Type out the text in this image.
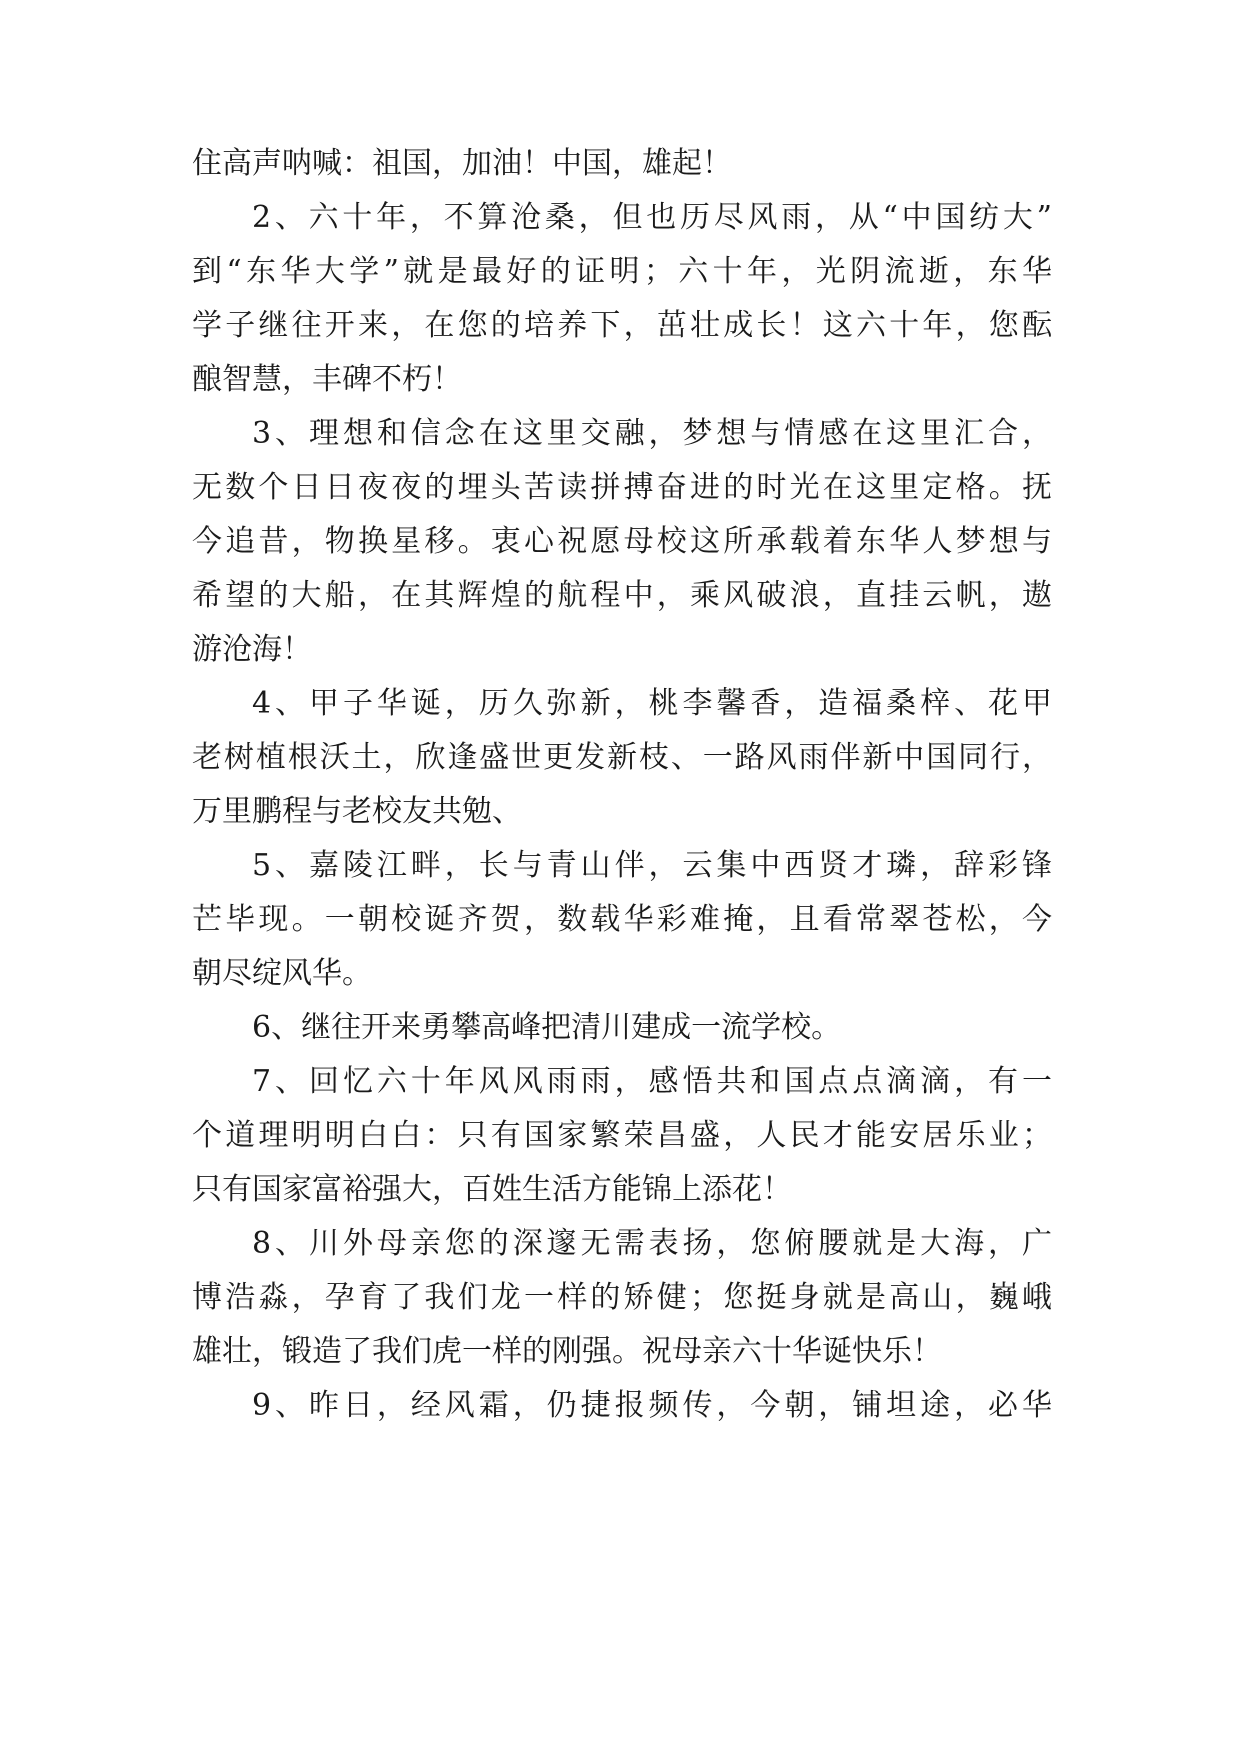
住高声呐喊：祖国，加油！中国，雄起！
2、六十年，不算沧桑，但也历尽风雨，从“中国纺大”
到“东华大学”就是最好的证明；六十年，光阴流逝，东华
学子继往开来，在您的培养下，茁壮成长！这六十年，您酝
酿智慧，丰碑不朽！
3、理想和信念在这里交融，梦想与情感在这里汇合，
无数个日日夜夜的埋头苦读拼搏奋进的时光在这里定格。抚
今追昔，物换星移。衷心祝愿母校这所承载着东华人梦想与
希望的大船，在其辉煌的航程中，乘风破浪，直挂云帆，遨
游沧海！
4、甲子华诞，历久弥新，桃李馨香，造福桑梓、花甲
老树植根沃土，欣逢盛世更发新枝、一路风雨伴新中国同行，
万里鹏程与老校友共勉、
5、嘉陵江畔，长与青山伴，云集中西贤才璘，辞彩锋
芒毕现。一朝校诞齐贺，数载华彩难掩，且看常翠苍松，今
朝尽绽风华。
6、继往开来勇攀高峰把清川建成一流学校。
7、回忆六十年风风雨雨，感悟共和国点点滴滴，有一
个道理明明白白：只有国家繁荣昌盛，人民才能安居乐业；
只有国家富裕强大，百姓生活方能锦上添花！
8、川外母亲您的深邃无需表扬，您俯腰就是大海，广
博浩淼，孕育了我们龙一样的矫健；您挺身就是高山，巍峨
雄壮，锻造了我们虎一样的刚强。祝母亲六十华诞快乐！
9、昨日，经风霜，仍捷报频传，今朝，铺坦途，必华
